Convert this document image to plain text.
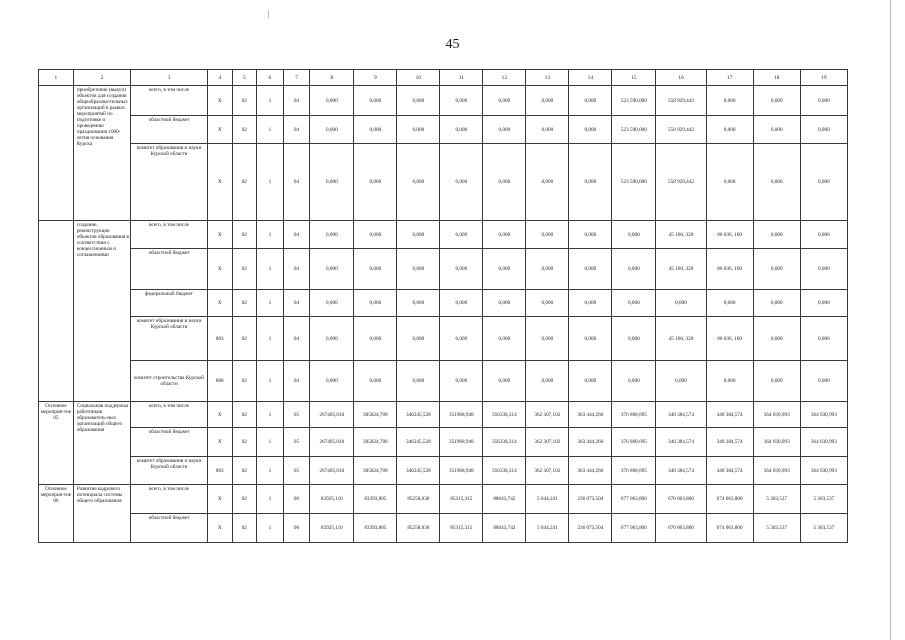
45
1	2	3	4	5	6	7	8	9	10	11	12	13	14	15	16	17	18	19
	приобретение (выкуп) объектов для создания общеобразова-тельных организаций в рамках мероприятий по подготовке и проведению празднования 1000-летия основания Курска	всего, в том числе	X	02	1	04	0,000	0,000	0,000	0,000	0,000	0,000	0,000	523 590,000	558 929,442	0,000	0,000	0,000
		областной бюджет	X	02	1	04	0,000	0,000	0,000	0,000	0,000	0,000	0,000	523 590,000	558 929,442	0,000	0,000	0,000
		комитет образования и науки Курской области	X	02	1	04	0,000	0,000	0,000	0,000	0,000	0,000	0,000	523 590,000	558 929,442	0,000	0,000	0,000
	создание, реконструкция объектов образования в соответствии с концессионным и соглашениями	всего, в том числе	X	02	1	04	0,000	0,000	0,000	0,000	0,000	0,000	0,000	0,000	45 160, 320	86 036, 160	0,000	0,000
		областной бюджет	X	02	1	04	0,000	0,000	0,000	0,000	0,000	0,000	0,000	0,000	45 160, 320	86 036, 160	0,000	0,000
		федеральный бюджет	X	02	1	04	0,000	0,000	0,000	0,000	0,000	0,000	0,000	0,000	0,000	0,000	0,000	0,000
		комитет образования и науки Курской области	803	02	1	04	0,000	0,000	0,000	0,000	0,000	0,000	0,000	0,000	45 160, 320	86 036, 160	0,000	0,000
		комитет строительства Курской области	808	02	1	04	0,000	0,000	0,000	0,000	0,000	0,000	0,000	0,000	0,000	0,000	0,000	0,000
Основное мероприя-тие 05	Социальная поддержка работников образователь-ных организаций общего образования	всего, в том числе	X	02	1	05	267405,010	305824,708	346245,528	351968,948	356338,314	362 307,102	363 444,260	376 868,695	340 384,574	340 384,574	364 030,993	364 030,993
		областной бюджет	X	02	1	05	267405,010	305824,708	346245,528	351968,948	356338,314	362 307,102	363 444,260	376 868,695	340 384,574	340 384,574	364 030,993	364 030,993
		комитет образования и науки Курской области	803	02	1	05	267405,010	305824,708	346245,528	351968,948	356338,314	362 307,102	363 444,260	376 868,695	340 384,574	340 384,574	364 030,993	364 030,993
Основное мероприя-тие 06	Развитие кадрового потенциала системы общего образования	всего, в том числе	X	02	1	06	83925,110	83393,805	85258,030	85315,315	88043,742	5 044,241	236 073,504	677 063,800	676 063,800	674 063,800	5 303,537	5 303,537
		областной бюджет	X	02	1	06	83925,110	83393,805	85258,030	85315,315	88043,742	5 044,241	236 073,504	677 063,800	676 063,800	674 063,800	5 303,537	5 303,537
